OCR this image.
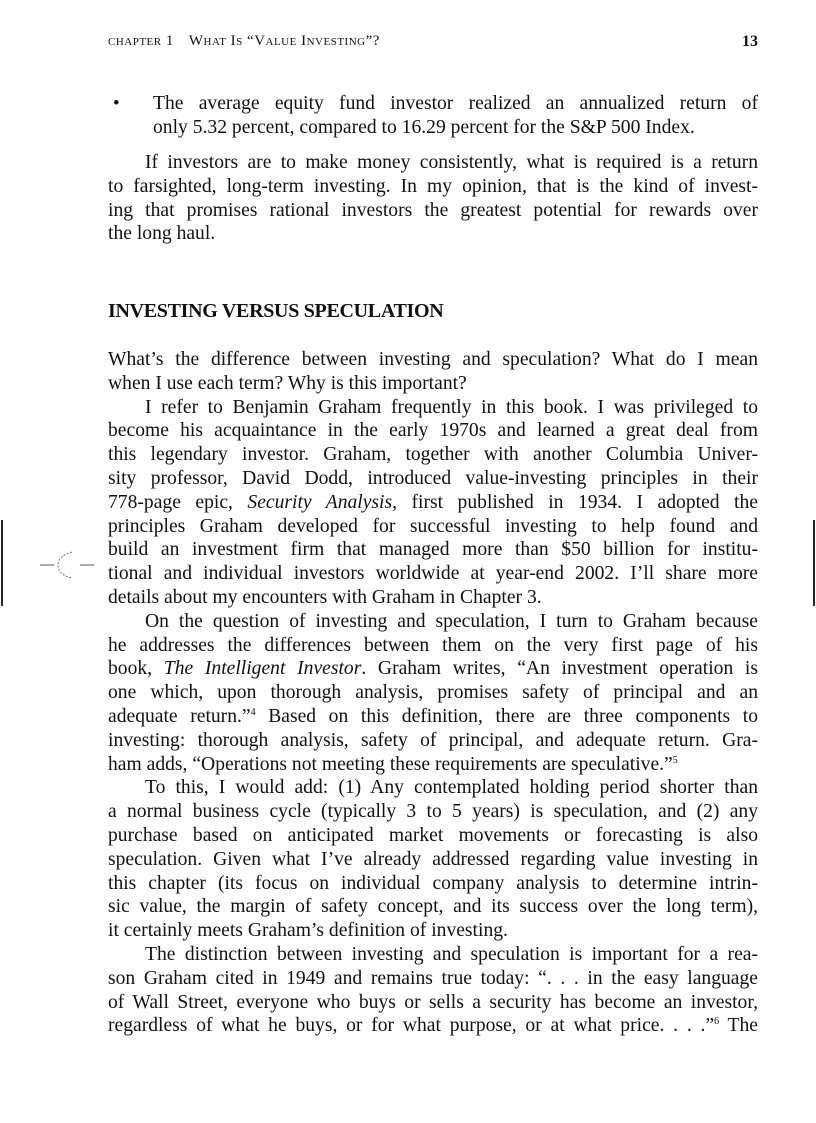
chapter 1 What Is “Value Investing”?	13
• The average equity fund investor realized an annualized return of
only 5.32 percent, compared to 16.29 percent for the S&P 500 Index.
If investors are to make money consistently, what is required is a return
to farsighted, long-term investing. In my opinion, that is the kind of invest-
ing that promises rational investors the greatest potential for rewards over
the long haul.
INVESTING VERSUS SPECULATION
What’s the difference between investing and speculation? What do I mean
when I use each term? Why is this important?
I refer to Benjamin Graham frequently in this book. I was privileged to
become his acquaintance in the early 1970s and learned a great deal from
this legendary investor. Graham, together with another Columbia Univer-
sity professor, David Dodd, introduced value-investing principles in their
778-page epic, Security Analysis, first published in 1934. I adopted the
principles Graham developed for successful investing to help found and
build an investment firm that managed more than $50 billion for institu-
tional and individual investors worldwide at year-end 2002. I’ll share more
details about my encounters with Graham in Chapter 3.
On the question of investing and speculation, I turn to Graham because
he addresses the differences between them on the very first page of his
book, The Intelligent Investor. Graham writes, “An investment operation is
one which, upon thorough analysis, promises safety of principal and an
adequate return.”$^4$ Based on this definition, there are three components to
investing: thorough analysis, safety of principal, and adequate return. Gra-
ham adds, “Operations not meeting these requirements are speculative.”$^5$
To this, I would add: (1) Any contemplated holding period shorter than
a normal business cycle (typically 3 to 5 years) is speculation, and (2) any
purchase based on anticipated market movements or forecasting is also
speculation. Given what I’ve already addressed regarding value investing in
this chapter (its focus on individual company analysis to determine intrin-
sic value, the margin of safety concept, and its success over the long term),
it certainly meets Graham’s definition of investing.
The distinction between investing and speculation is important for a rea-
son Graham cited in 1949 and remains true today: “. . . in the easy language
of Wall Street, everyone who buys or sells a security has become an investor,
regardless of what he buys, or for what purpose, or at what price. . . .”$^6$ The
